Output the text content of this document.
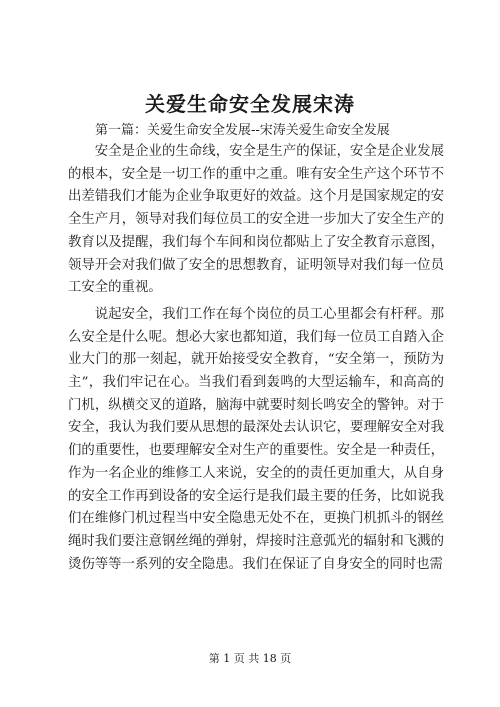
关爱生命安全发展宋涛
第一篇：关爱生命安全发展--宋涛关爱生命安全发展

安全是企业的生命线，安全是生产的保证，安全是企业发展的根本，安全是一切工作的重中之重。唯有安全生产这个环节不出差错我们才能为企业争取更好的效益。这个月是国家规定的安全生产月，领导对我们每位员工的安全进一步加大了安全生产的教育以及提醒，我们每个车间和岗位都贴上了安全教育示意图，领导开会对我们做了安全的思想教育，证明领导对我们每一位员工安全的重视。

说起安全，我们工作在每个岗位的员工心里都会有杆秤。那么安全是什么呢。想必大家也都知道，我们每一位员工自踏入企业大门的那一刻起，就开始接受安全教育，“安全第一，预防为主”，我们牢记在心。当我们看到轰鸣的大型运输车，和高高的门机，纵横交叉的道路，脑海中就要时刻长鸣安全的警钟。对于安全，我认为我们要从思想的最深处去认识它，要理解安全对我们的重要性，也要理解安全对生产的重要性。安全是一种责任，作为一名企业的维修工人来说，安全的的责任更加重大，从自身的安全工作再到设备的安全运行是我们最主要的任务，比如说我们在维修门机过程当中安全隐患无处不在，更换门机抓斗的钢丝绳时我们要注意钢丝绳的弹射，焊接时注意弧光的辐射和飞溅的烫伤等等一系列的安全隐患。我们在保证了自身安全的同时也需

第 1 页 共 18 页
